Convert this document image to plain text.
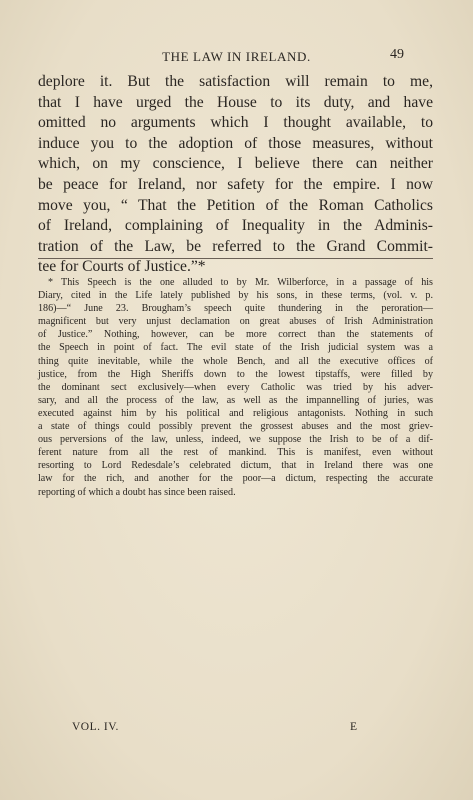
THE LAW IN IRELAND.	49
deplore it. But the satisfaction will remain to me,
that I have urged the House to its duty, and have
omitted no arguments which I thought available, to
induce you to the adoption of those measures, without
which, on my conscience, I believe there can neither
be peace for Ireland, nor safety for the empire. I now
move you, “ That the Petition of the Roman Catholics
of Ireland, complaining of Inequality in the Adminis-
tration of the Law, be referred to the Grand Commit-
tee for Courts of Justice.”*
* This Speech is the one alluded to by Mr. Wilberforce, in a passage of his
Diary, cited in the Life lately published by his sons, in these terms, (vol. v. p.
186)—“ June 23. Brougham’s speech quite thundering in the peroration—
magnificent but very unjust declamation on great abuses of Irish Administration
of Justice.” Nothing, however, can be more correct than the statements of
the Speech in point of fact. The evil state of the Irish judicial system was a
thing quite inevitable, while the whole Bench, and all the executive offices of
justice, from the High Sheriffs down to the lowest tipstaffs, were filled by
the dominant sect exclusively—when every Catholic was tried by his adver-
sary, and all the process of the law, as well as the impannelling of juries, was
executed against him by his political and religious antagonists. Nothing in such
a state of things could possibly prevent the grossest abuses and the most griev-
ous perversions of the law, unless, indeed, we suppose the Irish to be of a dif-
ferent nature from all the rest of mankind. This is manifest, even without
resorting to Lord Redesdale’s celebrated dictum, that in Ireland there was one
law for the rich, and another for the poor—a dictum, respecting the accurate
reporting of which a doubt has since been raised.
VOL. IV.	E
